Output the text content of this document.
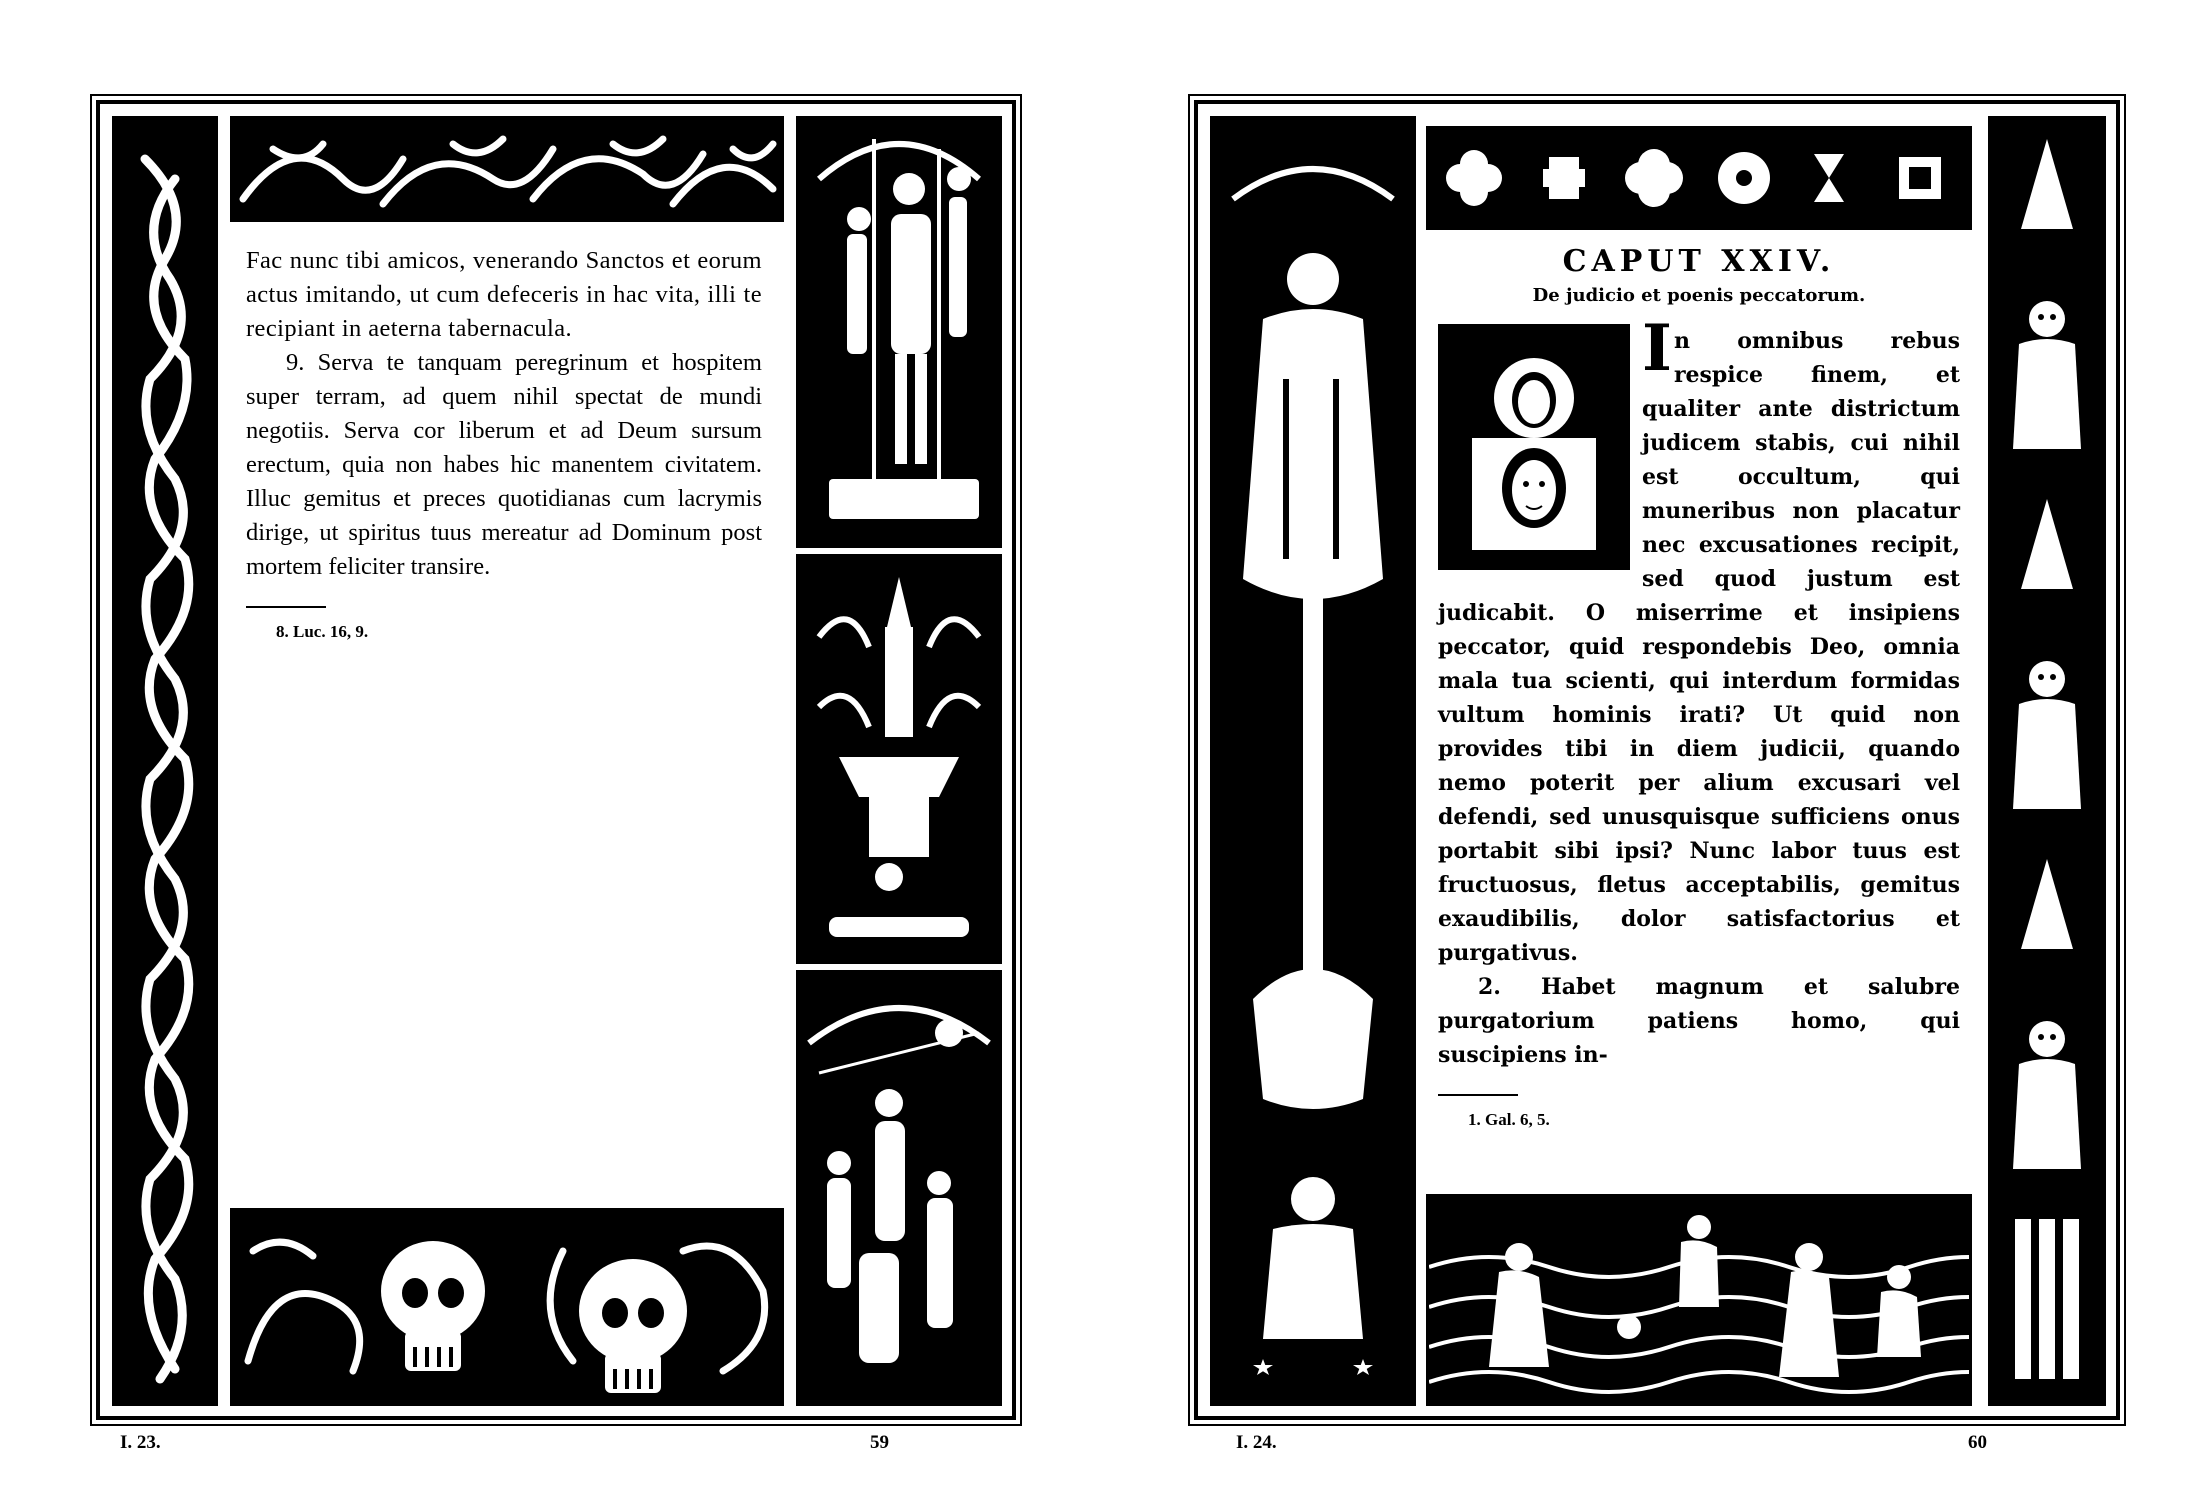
Fac nunc tibi amicos, venerando Sanctos et eorum actus imitando, ut cum defeceris in hac vita, illi te recipiant in aeterna tabernacula.

9. Serva te tanquam peregrinum et hospitem super terram, ad quem nihil spectat de mundi negotiis. Serva cor liberum et ad Deum sursum erectum, quia non habes hic manentem civitatem. Illuc gemitus et preces quotidianas cum lacrymis dirige, ut spiritus tuus mereatur ad Dominum post mortem feliciter transire.

8. Luc. 16, 9.
I. 23.	59
CAPUT XXIV.
De judicio et poenis peccatorum.
In omnibus rebus respice finem, et qualiter ante districtum judicem stabis, cui nihil est occultum, qui muneribus non placatur nec excusationes recipit, sed quod justum est judicabit. O miserrime et insipiens peccator, quid respondebis Deo, omnia mala tua scienti, qui interdum formidas vultum hominis irati? Ut quid non provides tibi in diem judicii, quando nemo poterit per alium excusari vel defendi, sed unusquisque sufficiens onus portabit sibi ipsi? Nunc labor tuus est fructuosus, fletus acceptabilis, gemitus exaudibilis, dolor satisfactorius et purgativus.

2. Habet magnum et salubre purgatorium patiens homo, qui suscipiens in-

1. Gal. 6, 5.
I. 24.	60
